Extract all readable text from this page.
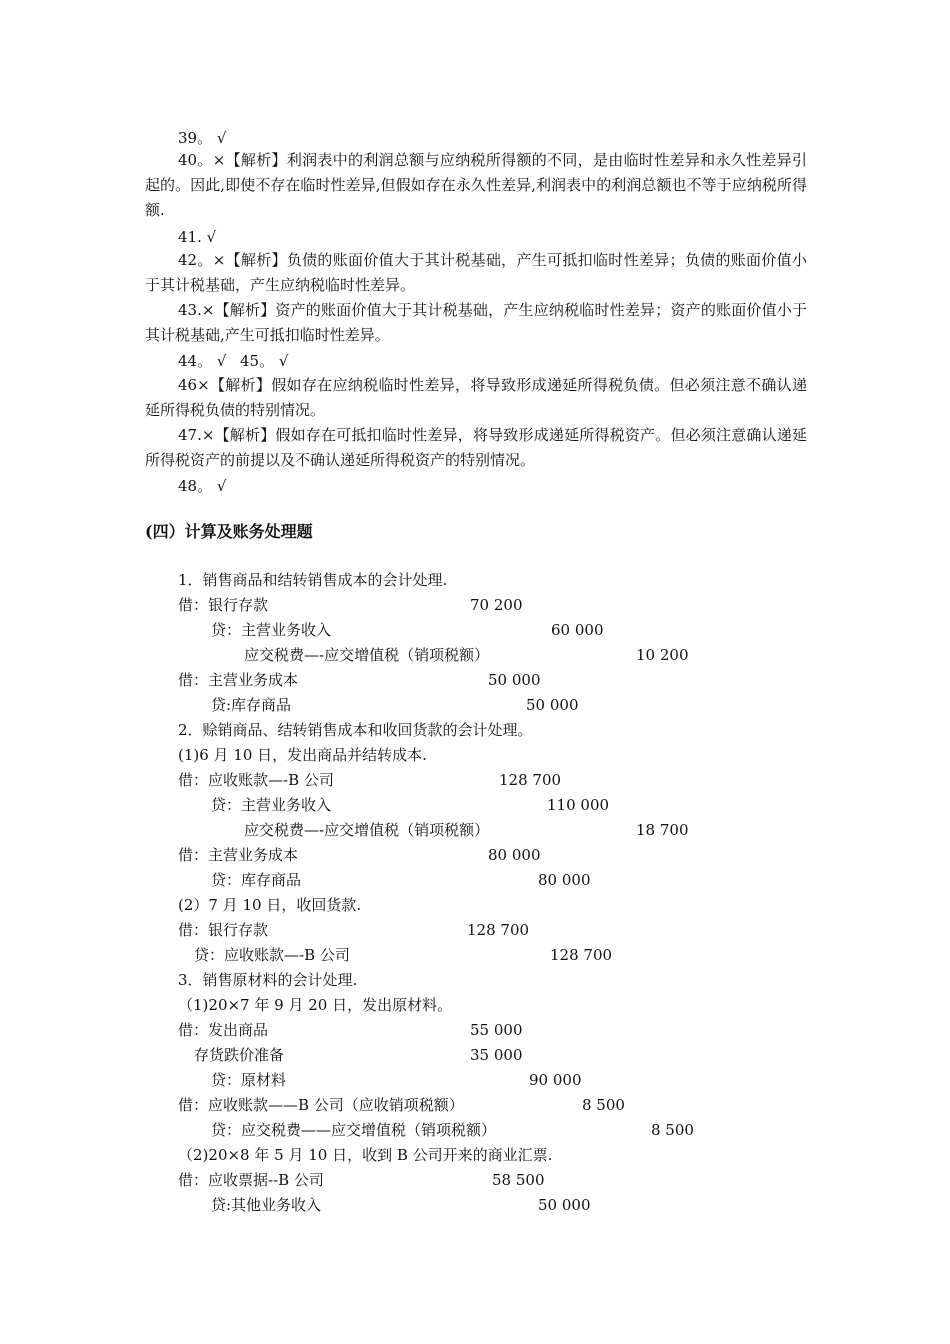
39。 √
40。×【解析】利润表中的利润总额与应纳税所得额的不同，是由临时性差异和永久性差异引起的。因此,即使不存在临时性差异,但假如存在永久性差异,利润表中的利润总额也不等于应纳税所得额.
41. √
42。×【解析】负债的账面价值大于其计税基础，产生可抵扣临时性差异；负债的账面价值小于其计税基础，产生应纳税临时性差异。
43.×【解析】资产的账面价值大于其计税基础，产生应纳税临时性差异；资产的账面价值小于其计税基础,产生可抵扣临时性差异。
44。 √ 45。 √
46×【解析】假如存在应纳税临时性差异，将导致形成递延所得税负债。但必须注意不确认递延所得税负债的特别情况。
47.×【解析】假如存在可抵扣临时性差异，将导致形成递延所得税资产。但必须注意确认递延所得税资产的前提以及不确认递延所得税资产的特别情况。
48。 √
(四）计算及账务处理题
1．销售商品和结转销售成本的会计处理.
借：银行存款	70 200
贷：主营业务收入	60 000
应交税费—-应交增值税（销项税额）	10 200
借：主营业务成本	50 000
贷:库存商品	50 000
2．赊销商品、结转销售成本和收回货款的会计处理。
(1)6 月 10 日，发出商品并结转成本.
借：应收账款—-B 公司	128 700
贷：主营业务收入	110 000
应交税费—-应交增值税（销项税额）	18 700
借：主营业务成本	80 000
贷：库存商品	80 000
(2）7 月 10 日，收回货款.
借：银行存款	128 700
贷：应收账款—-B 公司	128 700
3．销售原材料的会计处理.
（1)20×7 年 9 月 20 日，发出原材料。
借：发出商品	55 000
存货跌价准备	35 000
贷：原材料	90 000
借：应收账款——B 公司（应收销项税额）	8 500
贷：应交税费——应交增值税（销项税额）	8 500
（2)20×8 年 5 月 10 日，收到 B 公司开来的商业汇票.
借：应收票据--B 公司	58 500
贷:其他业务收入	50 000
